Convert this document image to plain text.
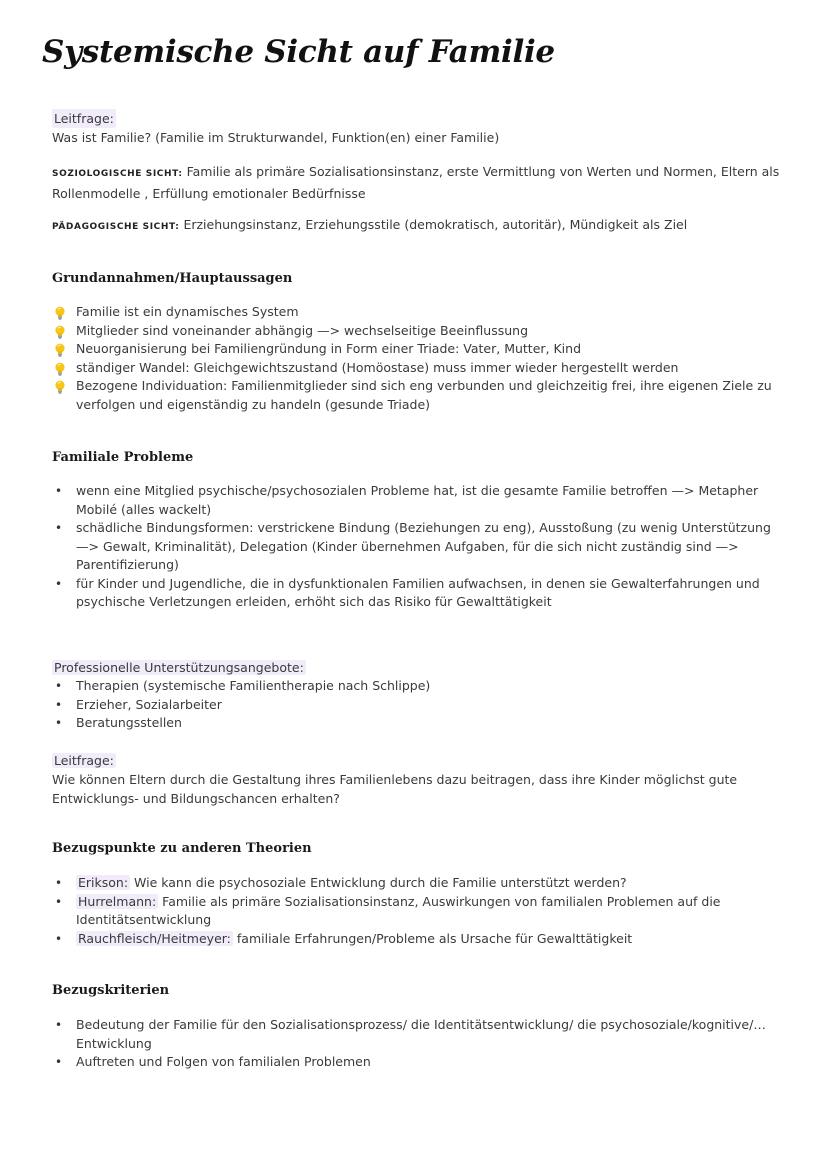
Systemische Sicht auf Familie
Leitfrage:
Was ist Familie? (Familie im Strukturwandel, Funktion(en) einer Familie)
SOZIOLOGISCHE SICHT: Familie als primäre Sozialisationsinstanz, erste Vermittlung von Werten und Normen, Eltern als Rollenmodelle , Erfüllung emotionaler Bedürfnisse
PÄDAGOGISCHE SICHT: Erziehungsinstanz, Erziehungsstile (demokratisch, autoritär), Mündigkeit als Ziel
Grundannahmen/Hauptaussagen
Familie ist ein dynamisches System
Mitglieder sind voneinander abhängig —> wechselseitige Beeinflussung
Neuorganisierung bei Familiengründung in Form einer Triade: Vater, Mutter, Kind
ständiger Wandel: Gleichgewichtszustand (Homöostase) muss immer wieder hergestellt werden
Bezogene Individuation: Familienmitglieder sind sich eng verbunden und gleichzeitig frei, ihre eigenen Ziele zu verfolgen und eigenständig zu handeln (gesunde Triade)
Familiale Probleme
• wenn eine Mitglied psychische/psychosozialen Probleme hat, ist die gesamte Familie betroffen —> Metapher Mobilé (alles wackelt)
• schädliche Bindungsformen: verstrickene Bindung (Beziehungen zu eng), Ausstoßung (zu wenig Unterstützung —> Gewalt, Kriminalität), Delegation (Kinder übernehmen Aufgaben, für die sich nicht zuständig sind —> Parentifizierung)
• für Kinder und Jugendliche, die in dysfunktionalen Familien aufwachsen, in denen sie Gewalterfahrungen und psychische Verletzungen erleiden, erhöht sich das Risiko für Gewalttätigkeit
Professionelle Unterstützungsangebote:
• Therapien (systemische Familientherapie nach Schlippe)
• Erzieher, Sozialarbeiter
• Beratungsstellen
Leitfrage:
Wie können Eltern durch die Gestaltung ihres Familienlebens dazu beitragen, dass ihre Kinder möglichst gute Entwicklungs- und Bildungschancen erhalten?
Bezugspunkte zu anderen Theorien
• Erikson: Wie kann die psychosoziale Entwicklung durch die Familie unterstützt werden?
• Hurrelmann: Familie als primäre Sozialisationsinstanz, Auswirkungen von familialen Problemen auf die Identitätsentwicklung
• Rauchfleisch/Heitmeyer: familiale Erfahrungen/Probleme als Ursache für Gewalttätigkeit
Bezugskriterien
• Bedeutung der Familie für den Sozialisationsprozess/ die Identitätsentwicklung/ die psychosoziale/kognitive/… Entwicklung
• Auftreten und Folgen von familialen Problemen
